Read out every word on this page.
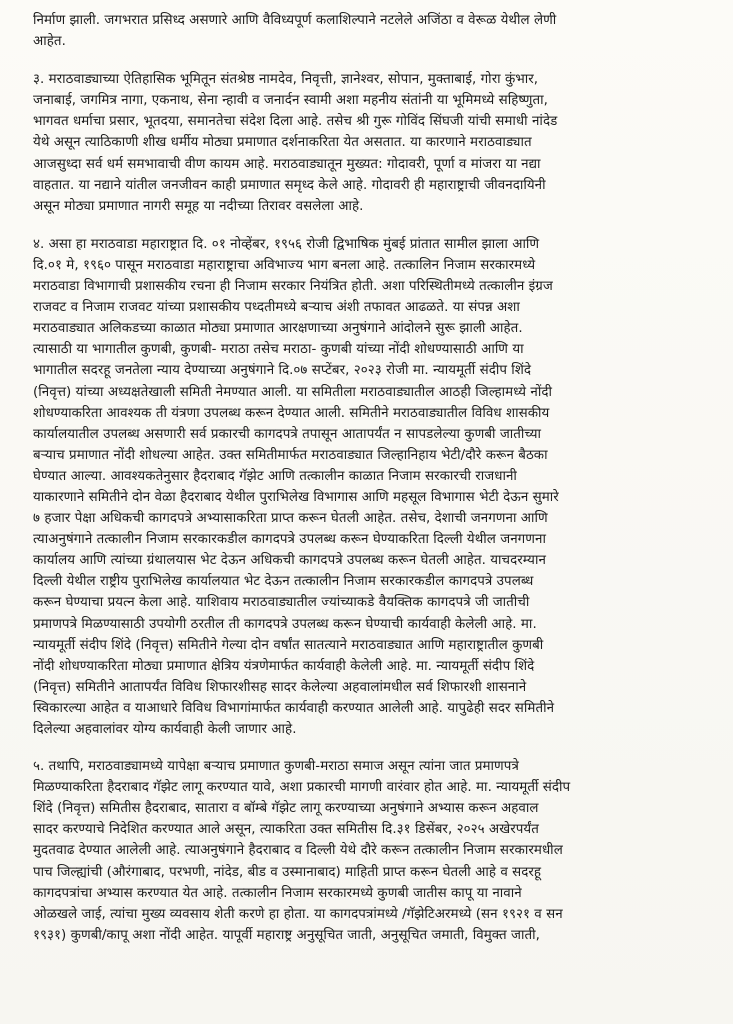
निर्माण झाली. जगभरात प्रसिध्द असणारे आणि वैविध्यपूर्ण कलाशिल्पाने नटलेले अजिंठा व वेरूळ येथील लेणी
आहेत.
३. मराठवाड्याच्या ऐतिहासिक भूमितून संतश्रेष्ठ नामदेव, निवृत्ती, ज्ञानेश्वर, सोपान, मुक्ताबाई, गोरा कुंभार,
जनाबाई, जगमित्र नागा, एकनाथ, सेना न्हावी व जनार्दन स्वामी अशा महनीय संतांनी या भूमिमध्ये सहिष्णुता,
भागवत धर्माचा प्रसार, भूतदया, समानतेचा संदेश दिला आहे. तसेच श्री गुरू गोविंद सिंघजी यांची समाधी नांदेड
येथे असून त्याठिकाणी शीख धर्मीय मोठ्या प्रमाणात दर्शनाकरिता येत असतात. या कारणाने मराठवाड्यात
आजसुध्दा सर्व धर्म समभावाची वीण कायम आहे. मराठवाड्यातून मुख्यत: गोदावरी, पूर्णा व मांजरा या नद्या
वाहतात. या नद्याने यांतील जनजीवन काही प्रमाणात समृध्द केले आहे. गोदावरी ही महाराष्ट्राची जीवनदायिनी
असून मोठ्या प्रमाणात नागरी समूह या नदीच्या तिरावर वसलेला आहे.
४. असा हा मराठवाडा महाराष्ट्रात दि. ०१ नोव्हेंबर, १९५६ रोजी द्विभाषिक मुंबई प्रांतात सामील झाला आणि
दि.०१ मे, १९६० पासून मराठवाडा महाराष्ट्राचा अविभाज्य भाग बनला आहे. तत्कालिन निजाम सरकारमध्ये
मराठवाडा विभागाची प्रशासकीय रचना ही निजाम सरकार नियंत्रित होती. अशा परिस्थितीमध्ये तत्कालीन इंग्रज
राजवट व निजाम राजवट यांच्या प्रशासकीय पध्दतीमध्ये बऱ्याच अंशी तफावत आढळते. या संपन्न अशा
मराठवाड्यात अलिकडच्या काळात मोठ्या प्रमाणात आरक्षणाच्या अनुषंगाने आंदोलने सुरू झाली आहेत.
त्यासाठी या भागातील कुणबी, कुणबी- मराठा तसेच मराठा- कुणबी यांच्या नोंदी शोधण्यासाठी आणि या
भागातील सदरहू जनतेला न्याय देण्याच्या अनुषंगाने दि.०७ सप्टेंबर, २०२३ रोजी मा. न्यायमूर्ती संदीप शिंदे
(निवृत्त) यांच्या अध्यक्षतेखाली समिती नेमण्यात आली. या समितीला मराठवाड्यातील आठही जिल्हामध्ये नोंदी
शोधण्याकरिता आवश्यक ती यंत्रणा उपलब्ध करून देण्यात आली. समितीने मराठवाड्यातील विविध शासकीय
कार्यालयातील उपलब्ध असणारी सर्व प्रकारची कागदपत्रे तपासून आतापर्यंत न सापडलेल्या कुणबी जातीच्या
बऱ्याच प्रमाणात नोंदी शोधल्या आहेत. उक्त समितीमार्फत मराठवाड्यात जिल्हानिहाय भेटी/दौरे करून बैठका
घेण्यात आल्या. आवश्यकतेनुसार हैदराबाद गॅझेट आणि तत्कालीन काळात निजाम सरकारची राजधानी
याकारणाने समितीने दोन वेळा हैदराबाद येथील पुराभिलेख विभागास आणि महसूल विभागास भेटी देऊन सुमारे
७ हजार पेक्षा अधिकची कागदपत्रे अभ्यासाकरिता प्राप्त करून घेतली आहेत. तसेच, देशाची जनगणना आणि
त्याअनुषंगाने तत्कालीन निजाम सरकारकडील कागदपत्रे उपलब्ध करून घेण्याकरिता दिल्ली येथील जनगणना
कार्यालय आणि त्यांच्या ग्रंथालयास भेट देऊन अधिकची कागदपत्रे उपलब्ध करून घेतली आहेत. याचदरम्यान
दिल्ली येथील राष्ट्रीय पुराभिलेख कार्यालयात भेट देऊन तत्कालीन निजाम सरकारकडील कागदपत्रे उपलब्ध
करून घेण्याचा प्रयत्न केला आहे. याशिवाय मराठवाड्यातील ज्यांच्याकडे वैयक्तिक कागदपत्रे जी जातीची
प्रमाणपत्रे मिळण्यासाठी उपयोगी ठरतील ती कागदपत्रे उपलब्ध करून घेण्याची कार्यवाही केलेली आहे. मा.
न्यायमूर्ती संदीप शिंदे (निवृत्त) समितीने गेल्या दोन वर्षांत सातत्याने मराठवाड्यात आणि महाराष्ट्रातील कुणबी
नोंदी शोधण्याकरिता मोठ्या प्रमाणात क्षेत्रिय यंत्रणेमार्फत कार्यवाही केलेली आहे. मा. न्यायमूर्ती संदीप शिंदे
(निवृत्त) समितीने आतापर्यंत विविध शिफारशीसह सादर केलेल्या अहवालांमधील सर्व शिफारशी शासनाने
स्विकारल्या आहेत व याआधारे विविध विभागांमार्फत कार्यवाही करण्यात आलेली आहे. यापुढेही सदर समितीने
दिलेल्या अहवालांवर योग्य कार्यवाही केली जाणार आहे.
५. तथापि, मराठवाड्यामध्ये यापेक्षा बऱ्याच प्रमाणात कुणबी-मराठा समाज असून त्यांना जात प्रमाणपत्रे
मिळण्याकरिता हैदराबाद गॅझेट लागू करण्यात यावे, अशा प्रकारची मागणी वारंवार होत आहे. मा. न्यायमूर्ती संदीप
शिंदे (निवृत्त) समितीस हैदराबाद, सातारा व बॉम्बे गॅझेट लागू करण्याच्या अनुषंगाने अभ्यास करून अहवाल
सादर करण्याचे निदेशित करण्यात आले असून, त्याकरिता उक्त समितीस दि.३१ डिसेंबर, २०२५ अखेरपर्यंत
मुदतवाढ देण्यात आलेली आहे. त्याअनुषंगाने हैदराबाद व दिल्ली येथे दौरे करून तत्कालीन निजाम सरकारमधील
पाच जिल्ह्यांची (औरंगाबाद, परभणी, नांदेड, बीड व उस्मानाबाद) माहिती प्राप्त करून घेतली आहे व सदरहू
कागदपत्रांचा अभ्यास करण्यात येत आहे. तत्कालीन निजाम सरकारमध्ये कुणबी जातीस कापू या नावाने
ओळखले जाई, त्यांचा मुख्य व्यवसाय शेती करणे हा होता. या कागदपत्रांमध्ये /गॅझेटिअरमध्ये (सन १९२१ व सन
१९३१) कुणबी/कापू अशा नोंदी आहेत. यापूर्वी महाराष्ट्र अनुसूचित जाती, अनुसूचित जमाती, विमुक्त जाती,
